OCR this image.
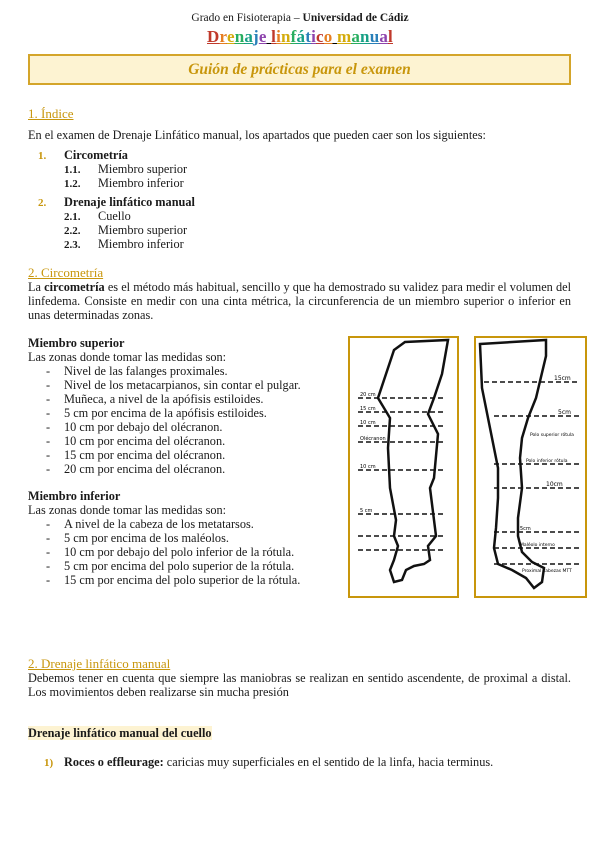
Grado en Fisioterapia – Universidad de Cádiz
Drenaje linfático manual
Guión de prácticas para el examen
1. Índice
En el examen de Drenaje Linfático manual, los apartados que pueden caer son los siguientes:
1. Circometría
1.1. Miembro superior
1.2. Miembro inferior
2. Drenaje linfático manual
2.1. Cuello
2.2. Miembro superior
2.3. Miembro inferior
2. Circometría
La circometría es el método más habitual, sencillo y que ha demostrado su validez para medir el volumen del linfedema. Consiste en medir con una cinta métrica, la circunferencia de un miembro superior o inferior en unas determinadas zonas.
Miembro superior
Las zonas donde tomar las medidas son:
- Nivel de las falanges proximales.
- Nivel de los metacarpianos, sin contar el pulgar.
- Muñeca, a nivel de la apófisis estiloides.
- 5 cm por encima de la apófisis estiloides.
- 10 cm por debajo del olécranon.
- 10 cm por encima del olécranon.
- 15 cm por encima del olécranon.
- 20 cm por encima del olécranon.
Miembro inferior
Las zonas donde tomar las medidas son:
- A nivel de la cabeza de los metatarsos.
- 5 cm por encima de los maléolos.
- 10 cm por debajo del polo inferior de la rótula.
- 5 cm por encima del polo superior de la rótula.
- 15 cm por encima del polo superior de la rótula.
20 cm
15 cm
10 cm
Olécranon
10 cm
5 cm
15cm
5cm
Polo superior rótula
Polo inferior rótula
10cm
5cm
Maléolo interno
Proximal cabezas MTT
2. Drenaje linfático manual
Debemos tener en cuenta que siempre las maniobras se realizan en sentido ascendente, de proximal a distal. Los movimientos deben realizarse sin mucha presión
Drenaje linfático manual del cuello
1) Roces o effleurage: caricias muy superficiales en el sentido de la linfa, hacia terminus.
